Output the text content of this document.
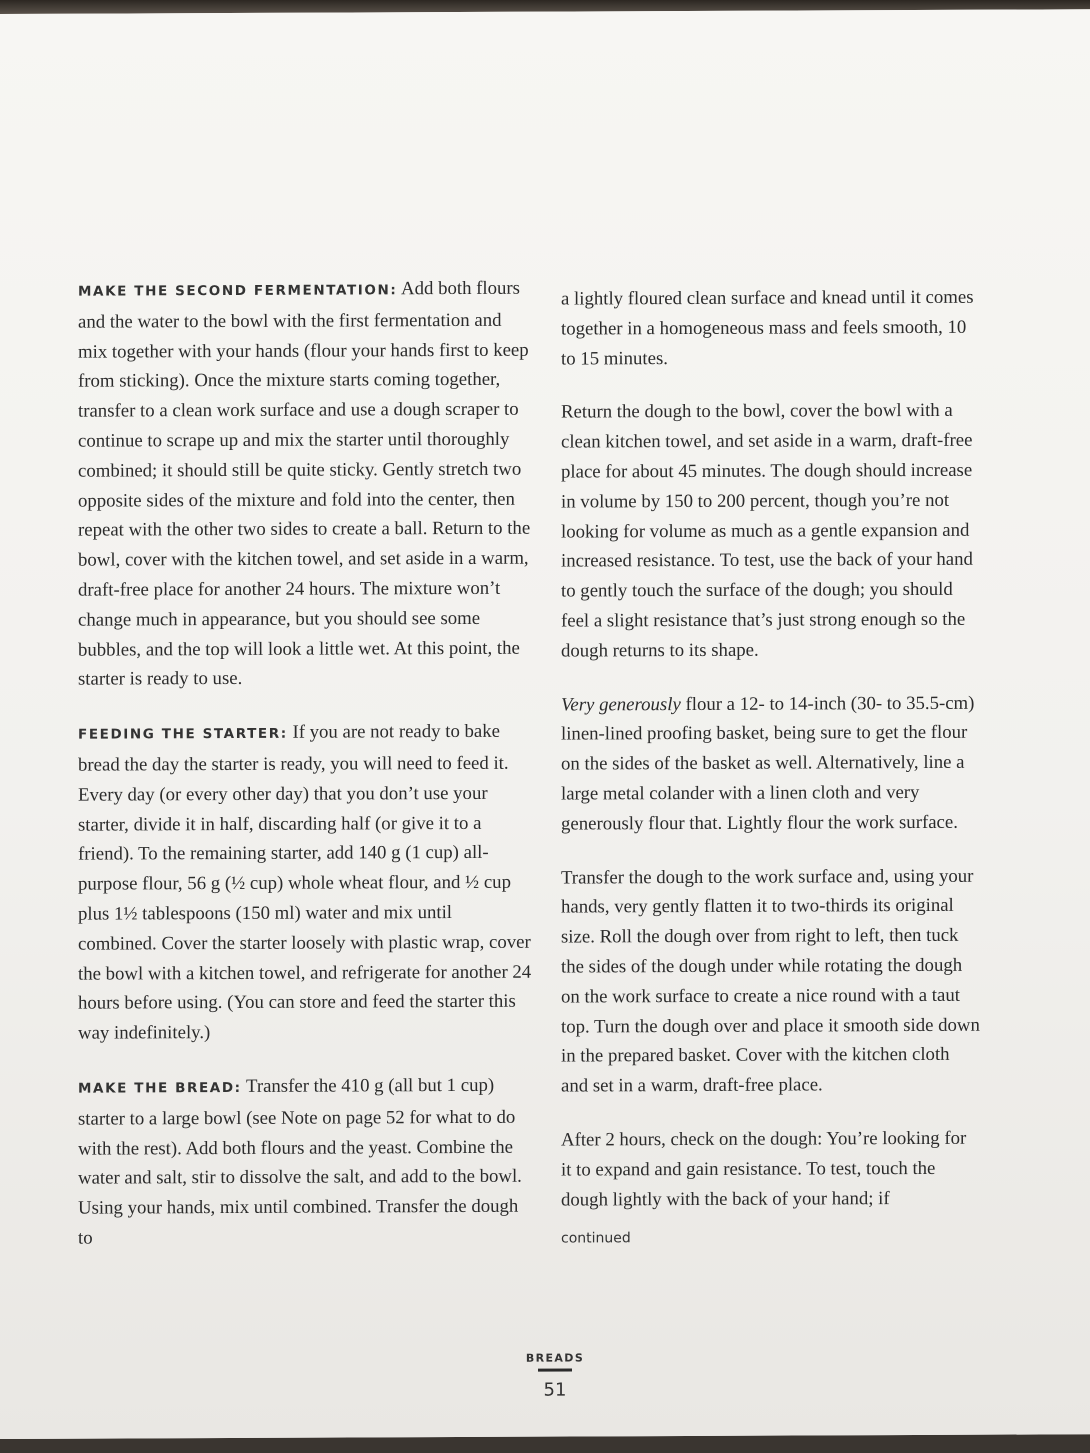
MAKE THE SECOND FERMENTATION: Add both flours and the water to the bowl with the first fermentation and mix together with your hands (flour your hands first to keep from sticking). Once the mixture starts coming together, transfer to a clean work surface and use a dough scraper to continue to scrape up and mix the starter until thoroughly combined; it should still be quite sticky. Gently stretch two opposite sides of the mixture and fold into the center, then repeat with the other two sides to create a ball. Return to the bowl, cover with the kitchen towel, and set aside in a warm, draft-free place for another 24 hours. The mixture won’t change much in appearance, but you should see some bubbles, and the top will look a little wet. At this point, the starter is ready to use.

FEEDING THE STARTER: If you are not ready to bake bread the day the starter is ready, you will need to feed it. Every day (or every other day) that you don’t use your starter, divide it in half, discarding half (or give it to a friend). To the remaining starter, add 140 g (1 cup) all-purpose flour, 56 g (½ cup) whole wheat flour, and ½ cup plus 1½ tablespoons (150 ml) water and mix until combined. Cover the starter loosely with plastic wrap, cover the bowl with a kitchen towel, and refrigerate for another 24 hours before using. (You can store and feed the starter this way indefinitely.)

MAKE THE BREAD: Transfer the 410 g (all but 1 cup) starter to a large bowl (see Note on page 52 for what to do with the rest). Add both flours and the yeast. Combine the water and salt, stir to dissolve the salt, and add to the bowl. Using your hands, mix until combined. Transfer the dough to

a lightly floured clean surface and knead until it comes together in a homogeneous mass and feels smooth, 10 to 15 minutes.

Return the dough to the bowl, cover the bowl with a clean kitchen towel, and set aside in a warm, draft-free place for about 45 minutes. The dough should increase in volume by 150 to 200 percent, though you’re not looking for volume as much as a gentle expansion and increased resistance. To test, use the back of your hand to gently touch the surface of the dough; you should feel a slight resistance that’s just strong enough so the dough returns to its shape.

Very generously flour a 12- to 14-inch (30- to 35.5-cm) linen-lined proofing basket, being sure to get the flour on the sides of the basket as well. Alternatively, line a large metal colander with a linen cloth and very generously flour that. Lightly flour the work surface.

Transfer the dough to the work surface and, using your hands, very gently flatten it to two-thirds its original size. Roll the dough over from right to left, then tuck the sides of the dough under while rotating the dough on the work surface to create a nice round with a taut top. Turn the dough over and place it smooth side down in the prepared basket. Cover with the kitchen cloth and set in a warm, draft-free place.

After 2 hours, check on the dough: You’re looking for it to expand and gain resistance. To test, touch the dough lightly with the back of your hand; if
continued

BREADS
51
